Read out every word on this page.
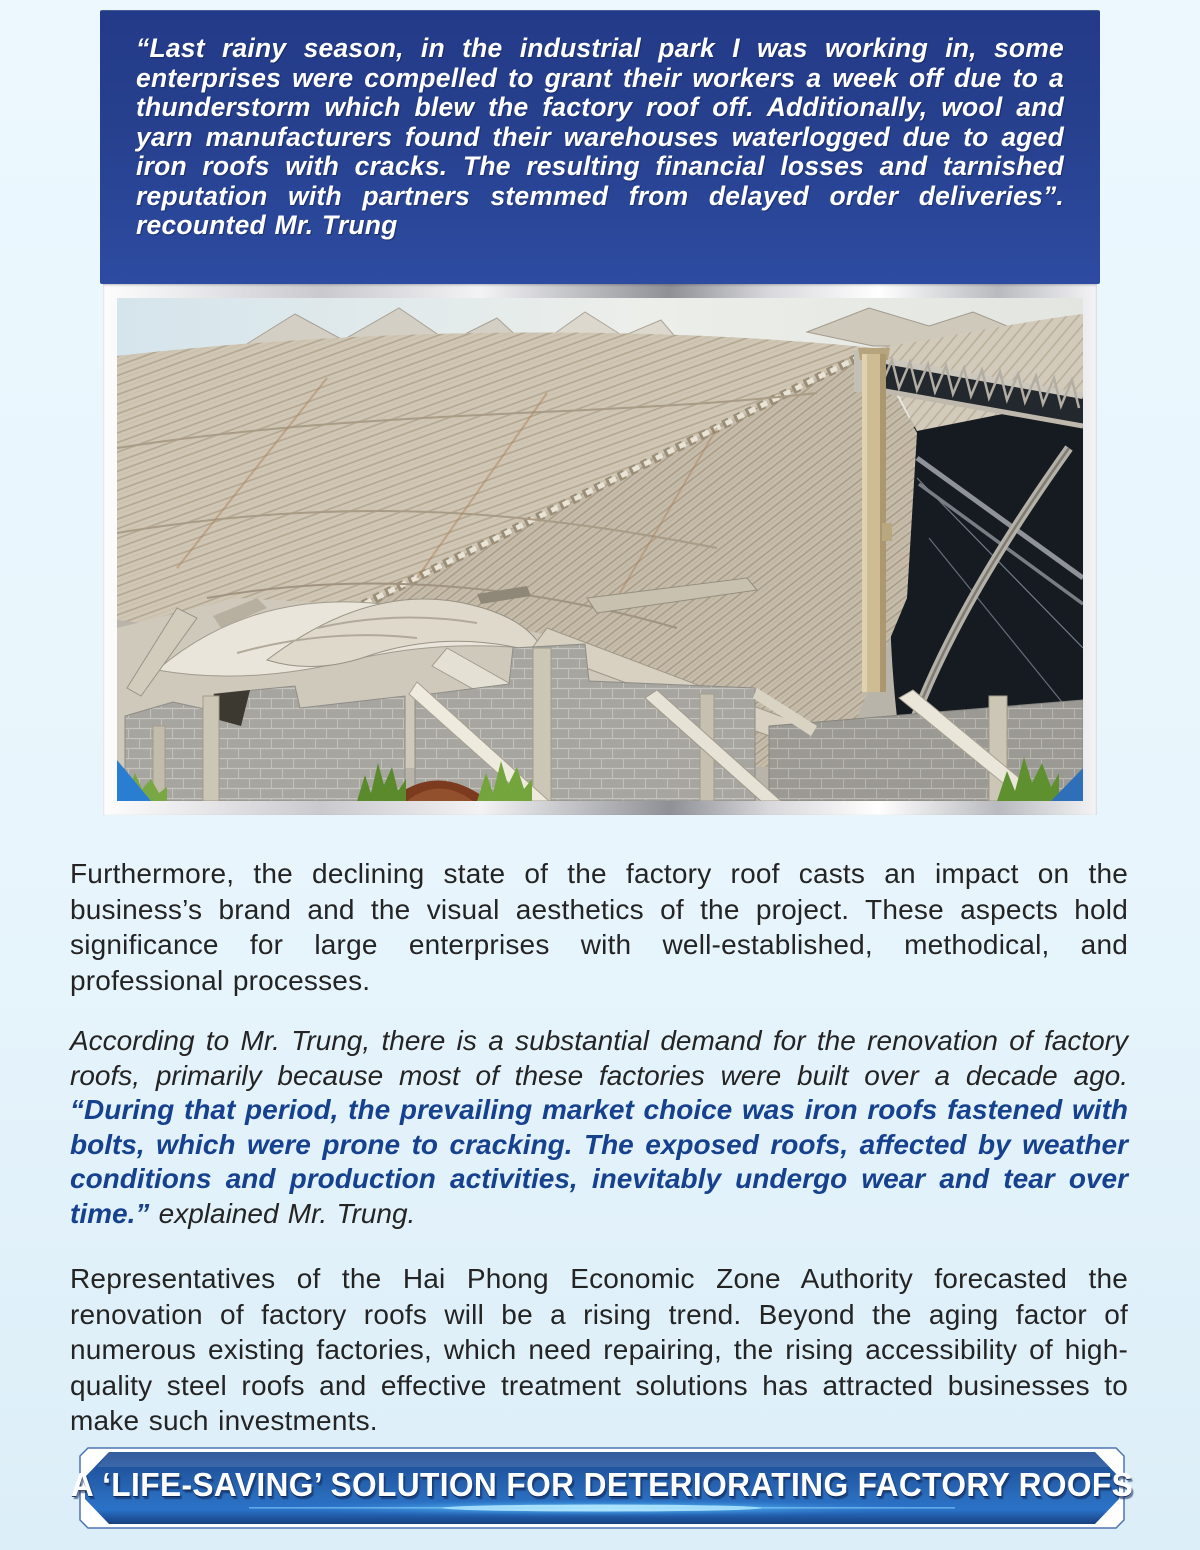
“Last rainy season, in the industrial park I was working in, some enterprises were compelled to grant their workers a week off due to a thunderstorm which blew the factory roof off. Additionally, wool and yarn manufacturers found their warehouses waterlogged due to aged iron roofs with cracks. The resulting financial losses and tarnished reputation with partners stemmed from delayed order deliveries”. recounted Mr. Trung

Furthermore, the declining state of the factory roof casts an impact on the business’s brand and the visual aesthetics of the project. These aspects hold significance for large enterprises with well-established, methodical, and professional processes.

According to Mr. Trung, there is a substantial demand for the renovation of factory roofs, primarily because most of these factories were built over a decade ago. “During that period, the prevailing market choice was iron roofs fastened with bolts, which were prone to cracking. The exposed roofs, affected by weather conditions and production activities, inevitably undergo wear and tear over time.” explained Mr. Trung.

Representatives of the Hai Phong Economic Zone Authority forecasted the renovation of factory roofs will be a rising trend. Beyond the aging factor of numerous existing factories, which need repairing, the rising accessibility of high-quality steel roofs and effective treatment solutions has attracted businesses to make such investments.

A ‘LIFE-SAVING’ SOLUTION FOR DETERIORATING FACTORY ROOFS
